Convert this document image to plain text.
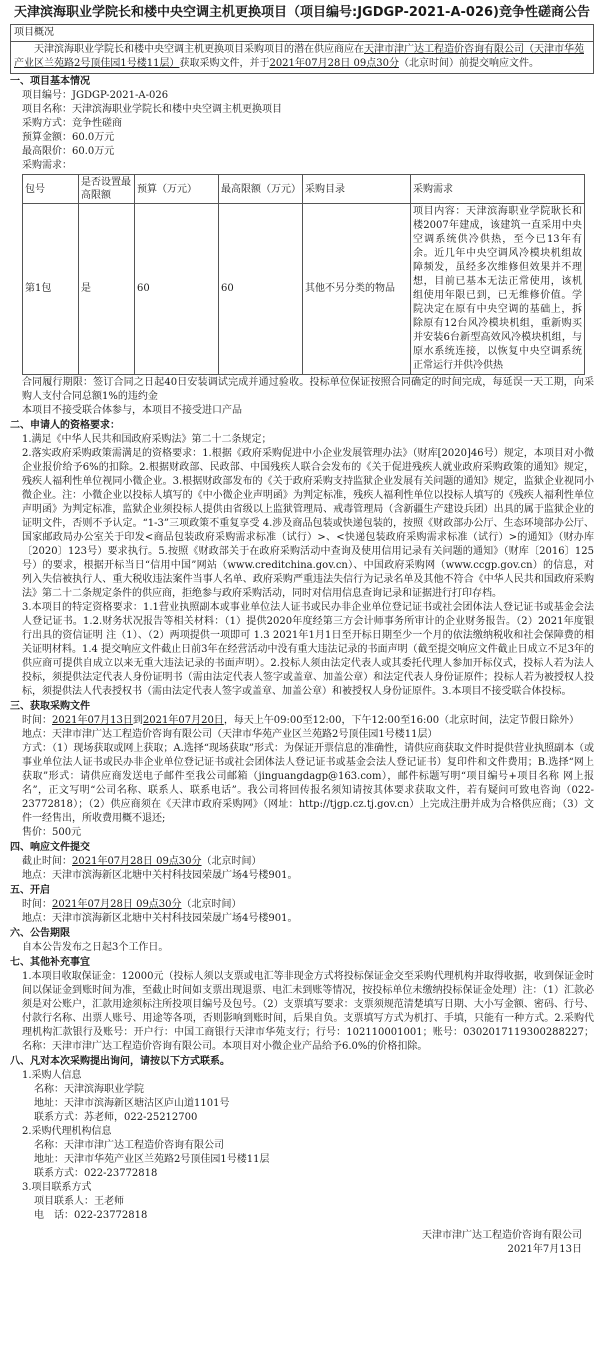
天津滨海职业学院长和楼中央空调主机更换项目（项目编号:JGDGP-2021-A-026)竞争性磋商公告
项目概况
天津滨海职业学院长和楼中央空调主机更换项目采购项目的潜在供应商应在天津市津广达工程造价咨询有限公司（天津市华苑产业区兰苑路2号顶佳园1号楼11层）获取采购文件，并于2021年07月28日 09点30分（北京时间）前提交响应文件。
一、项目基本情况
项目编号：JGDGP-2021-A-026
项目名称：天津滨海职业学院长和楼中央空调主机更换项目
采购方式：竞争性磋商
预算金额：60.0万元
最高限价：60.0万元
采购需求：
包号	是否设置最高限额	预算（万元）	最高限额（万元）	采购目录	采购需求
第1包	是	60	60	其他不另分类的物品	项目内容：天津滨海职业学院耿长和楼2007年建成，该建筑一直采用中央空调系统供冷供热，至今已13年有余。近几年中央空调风冷模块机组故障频发，虽经多次维修但效果并不理想，目前已基本无法正常使用，该机组使用年限已到，已无维修价值。学院决定在原有中央空调的基础上，拆除原有12台风冷模块机组，重新购买并安装6台新型高效风冷模块机组，与原水系统连接，以恢复中央空调系统正常运行并供冷供热
合同履行期限：签订合同之日起40日安装调试完成并通过验收。投标单位保证按照合同确定的时间完成，每延误一天工期，向采购人支付合同总额1%的违约金
本项目不接受联合体参与，本项目不接受进口产品
二、申请人的资格要求：
1.满足《中华人民共和国政府采购法》第二十二条规定；
2.落实政府采购政策需满足的资格要求：1.根据《政府采购促进中小企业发展管理办法》（财库[2020]46号）规定，本项目对小微企业报价给予6%的扣除。2.根据财政部、民政部、中国残疾人联合会发布的《关于促进残疾人就业政府采购政策的通知》规定，残疾人福利性单位视同小微企业。3.根据财政部发布的《关于政府采购支持监狱企业发展有关问题的通知》规定，监狱企业视同小微企业。注：小微企业以投标人填写的《中小微企业声明函》为判定标准，残疾人福利性单位以投标人填写的《残疾人福利性单位声明函》为判定标准，监狱企业须投标人提供由省级以上监狱管理局、戒毒管理局（含新疆生产建设兵团）出具的属于监狱企业的证明文件，否则不予认定。“1-3”三项政策不重复享受 4.涉及商品包装或快递包装的，按照《财政部办公厅、生态环境部办公厅、国家邮政局办公室关于印发<商品包装政府采购需求标准（试行）>、<快递包装政府采购需求标准（试行）>的通知》（财办库〔2020〕123号）要求执行。5.按照《财政部关于在政府采购活动中查询及使用信用记录有关问题的通知》（财库〔2016〕125号）的要求，根据开标当日“信用中国”网站（www.creditchina.gov.cn）、中国政府采购网（www.ccgp.gov.cn）的信息，对列入失信被执行人、重大税收违法案件当事人名单、政府采购严重违法失信行为记录名单及其他不符合《中华人民共和国政府采购法》第二十二条规定条件的供应商，拒绝参与政府采购活动，同时对信用信息查询记录和证据进行打印存档。
3.本项目的特定资格要求：1.1营业执照副本或事业单位法人证书或民办非企业单位登记证书或社会团体法人登记证书或基金会法人登记证书。1.2.财务状况报告等相关材料：（1）提供2020年度经第三方会计师事务所审计的企业财务报告。（2）2021年度银行出具的资信证明 注（1）、（2）两项提供一项即可 1.3 2021年1月1日至开标日期至少一个月的依法缴纳税收和社会保障费的相关证明材料。1.4 提交响应文件截止日前3年在经营活动中没有重大违法记录的书面声明（截至提交响应文件截止日成立不足3年的供应商可提供自成立以来无重大违法记录的书面声明）。2.投标人须由法定代表人或其委托代理人参加开标仪式，投标人若为法人投标，须提供法定代表人身份证明书（需由法定代表人签字或盖章、加盖公章）和法定代表人身份证原件；投标人若为被授权人投标，须提供法人代表授权书（需由法定代表人签字或盖章、加盖公章）和被授权人身份证原件。3.本项目不接受联合体投标。
三、获取采购文件
时间：2021年07月13日到2021年07月20日，每天上午09:00至12:00，下午12:00至16:00（北京时间，法定节假日除外）
地点：天津市津广达工程造价咨询有限公司（天津市华苑产业区兰苑路2号顶佳园1号楼11层）
方式：（1）现场获取或网上获取；A.选择“现场获取”形式：为保证开票信息的准确性，请供应商获取文件时提供营业执照副本（或事业单位法人证书或民办非企业单位登记证书或社会团体法人登记证书或基金会法人登记证书）复印件和文件费用；B.选择“网上获取”形式：请供应商发送电子邮件至我公司邮箱（jinguangdagp@163.com），邮件标题写明“项目编号+项目名称 网上报名”，正文写明“公司名称、联系人、联系电话”。我公司将回传报名须知请按其体要求获取文件，若有疑问可致电咨询（022-23772818）；（2）供应商须在《天津市政府采购网》（网址：http://tjgp.cz.tj.gov.cn）上完成注册并成为合格供应商；（3）文件一经售出，所收费用概不退还;
售价：500元
四、响应文件提交
截止时间：2021年07月28日 09点30分（北京时间）
地点：天津市滨海新区北塘中关村科技园荣晟广场4号楼901。
五、开启
时间：2021年07月28日 09点30分（北京时间）
地点：天津市滨海新区北塘中关村科技园荣晟广场4号楼901。
六、公告期限
自本公告发布之日起3个工作日。
七、其他补充事宜
1.本项目收取保证金：12000元（投标人须以支票或电汇等非现金方式将投标保证金交至采购代理机构并取得收据，收到保证金时间以保证金到账时间为准，至截止时间如支票出现退票、电汇未到账等情况，按投标单位未缴纳投标保证金处理）注：（1）汇款必须是对公账户，汇款用途须标注所投项目编号及包号。（2）支票填写要求：支票须规范清楚填写日期、大小写金额、密码、行号、付款行名称、出票人账号、用途等各项，否则影响到账时间，后果自负。支票填写方式为机打、手填，只能有一种方式。2.采购代理机构汇款银行及账号：开户行：中国工商银行天津市华苑支行；行号：102110001001；账号：0302017119300288227；名称：天津市津广达工程造价咨询有限公司。本项目对小微企业产品给予6.0%的价格扣除。
八、凡对本次采购提出询问，请按以下方式联系。
1.采购人信息
名称：天津滨海职业学院
地址：天津市滨海新区塘沽区庐山道1101号
联系方式：苏老师，022-25212700
2.采购代理机构信息
名称：天津市津广达工程造价咨询有限公司
地址：天津市华苑产业区兰苑路2号顶佳园1号楼11层
联系方式：022-23772818
3.项目联系方式
项目联系人：王老师
电　话：022-23772818
天津市津广达工程造价咨询有限公司
2021年7月13日
